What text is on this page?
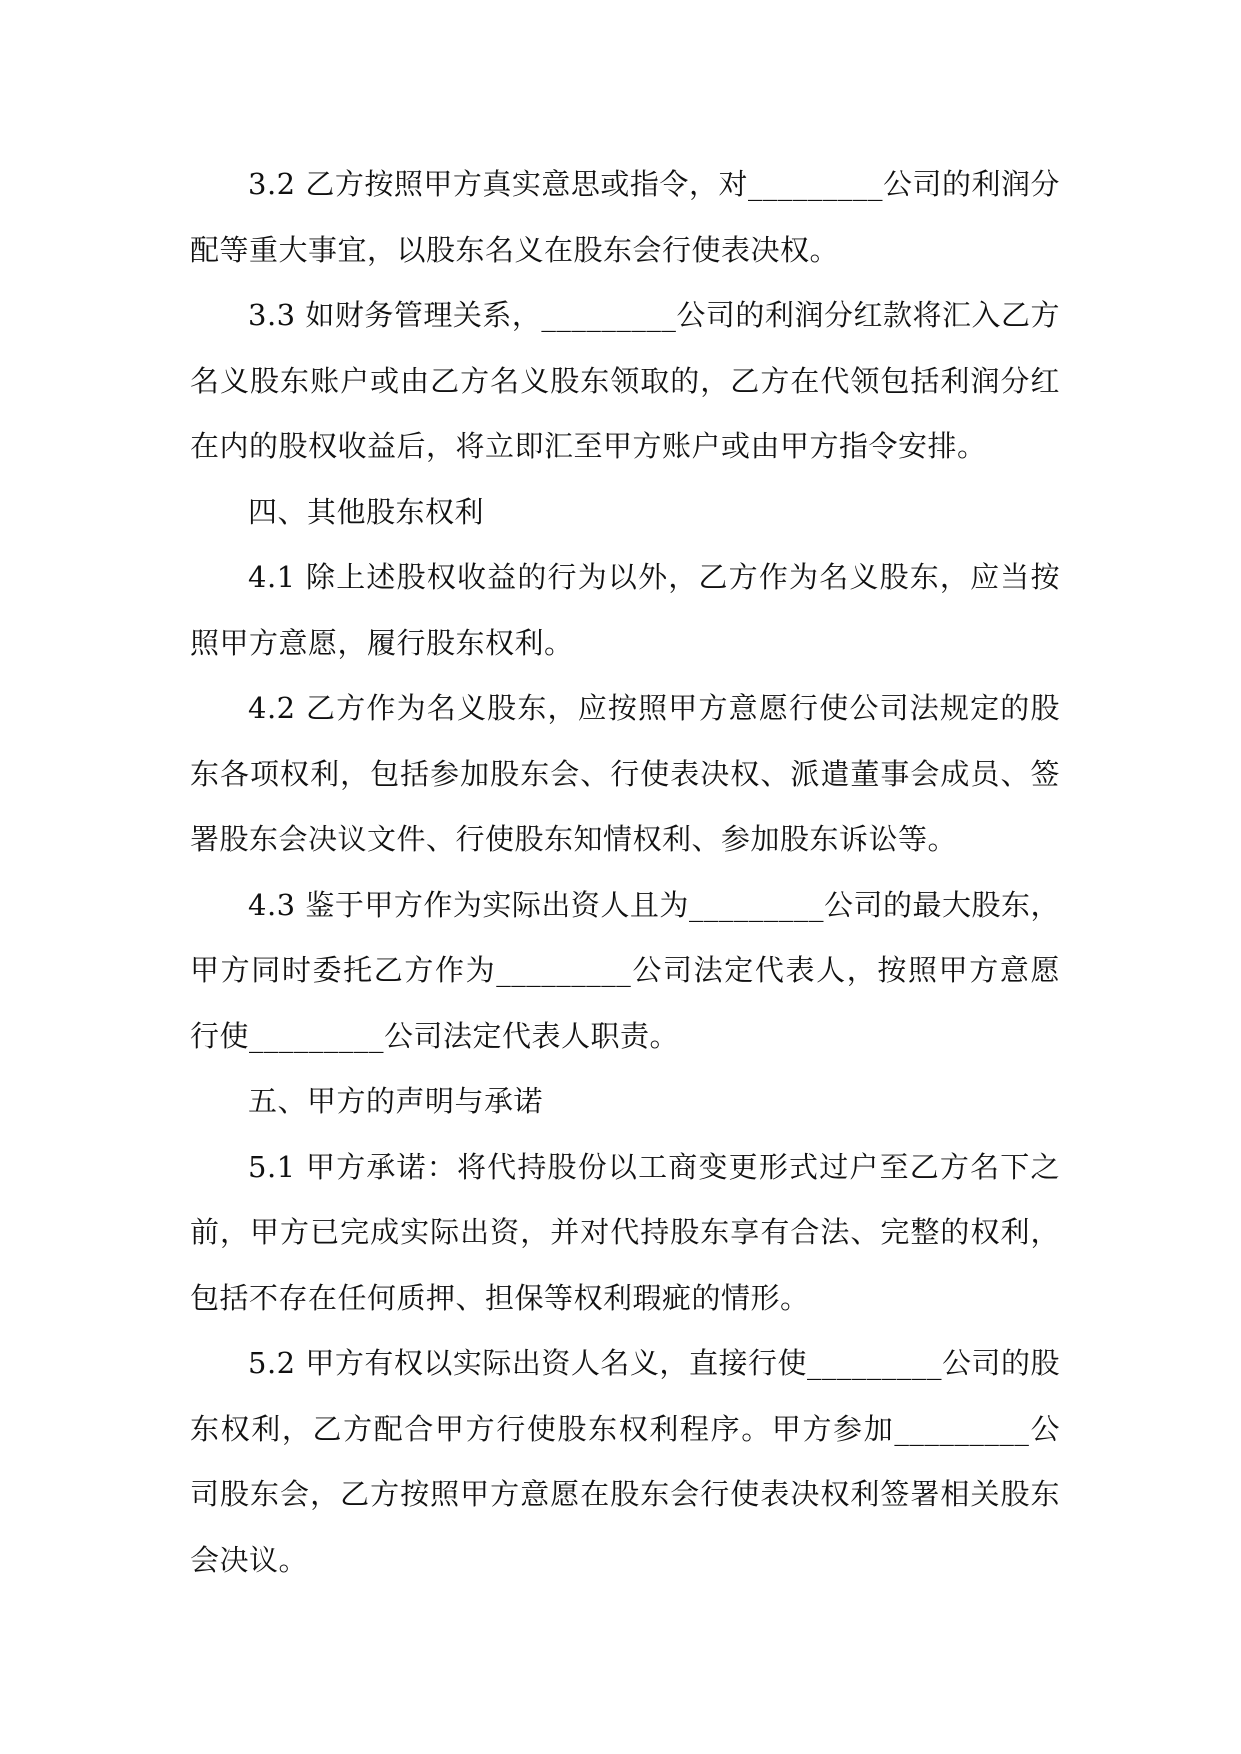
3.2 乙方按照甲方真实意思或指令，对_________公司的利润分配等重大事宜，以股东名义在股东会行使表决权。

3.3 如财务管理关系，_________公司的利润分红款将汇入乙方名义股东账户或由乙方名义股东领取的，乙方在代领包括利润分红在内的股权收益后，将立即汇至甲方账户或由甲方指令安排。

四、其他股东权利

4.1 除上述股权收益的行为以外，乙方作为名义股东，应当按照甲方意愿，履行股东权利。

4.2 乙方作为名义股东，应按照甲方意愿行使公司法规定的股东各项权利，包括参加股东会、行使表决权、派遣董事会成员、签署股东会决议文件、行使股东知情权利、参加股东诉讼等。

4.3 鉴于甲方作为实际出资人且为_________公司的最大股东，甲方同时委托乙方作为_________公司法定代表人，按照甲方意愿行使_________公司法定代表人职责。

五、甲方的声明与承诺

5.1 甲方承诺：将代持股份以工商变更形式过户至乙方名下之前，甲方已完成实际出资，并对代持股东享有合法、完整的权利，包括不存在任何质押、担保等权利瑕疵的情形。

5.2 甲方有权以实际出资人名义，直接行使_________公司的股东权利，乙方配合甲方行使股东权利程序。甲方参加_________公司股东会，乙方按照甲方意愿在股东会行使表决权利签署相关股东会决议。
